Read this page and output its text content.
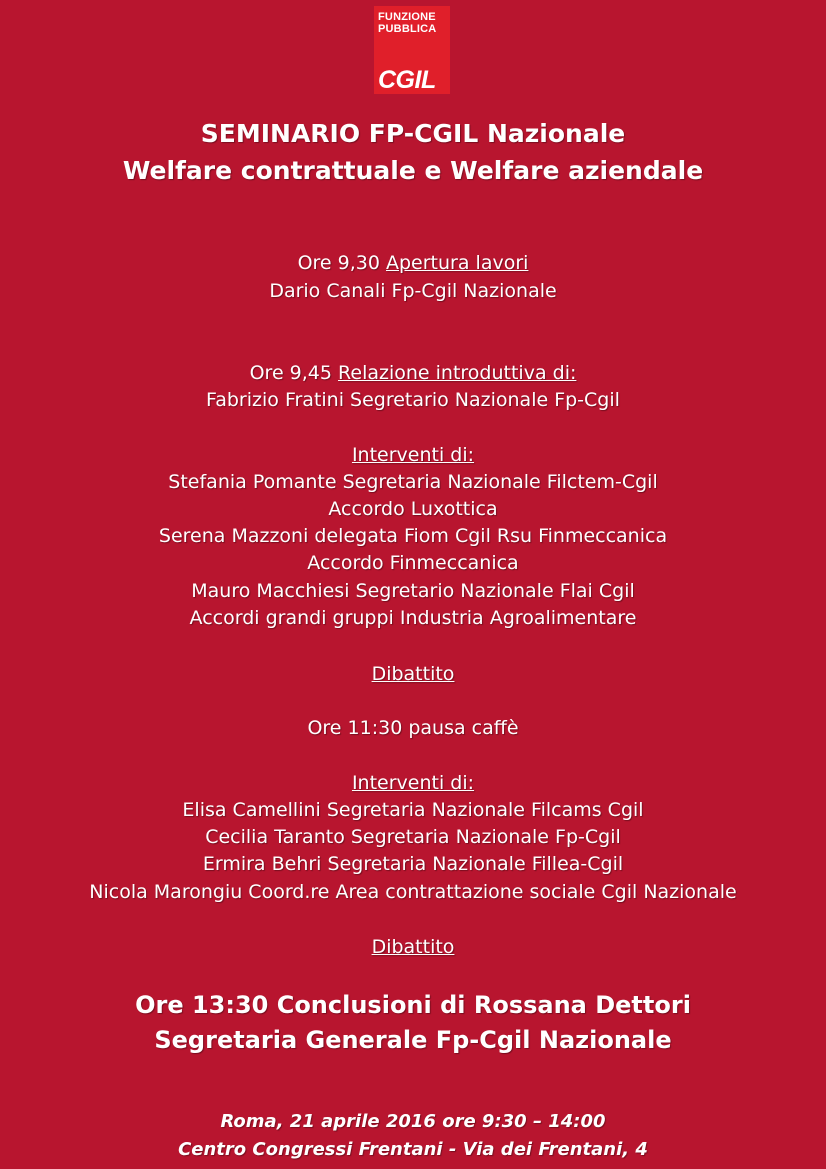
FUNZIONE
PUBBLICA
CGIL
SEMINARIO FP-CGIL Nazionale
Welfare contrattuale e Welfare aziendale
Ore 9,30 Apertura lavori
Dario Canali Fp-Cgil Nazionale
Ore 9,45 Relazione introduttiva di:
Fabrizio Fratini Segretario Nazionale Fp-Cgil
Interventi di:
Stefania Pomante Segretaria Nazionale Filctem-Cgil
Accordo Luxottica
Serena Mazzoni delegata Fiom Cgil Rsu Finmeccanica
Accordo Finmeccanica
Mauro Macchiesi Segretario Nazionale Flai Cgil
Accordi grandi gruppi Industria Agroalimentare
Dibattito
Ore 11:30 pausa caffè
Interventi di:
Elisa Camellini Segretaria Nazionale Filcams Cgil
Cecilia Taranto Segretaria Nazionale Fp-Cgil
Ermira Behri Segretaria Nazionale Fillea-Cgil
Nicola Marongiu Coord.re Area contrattazione sociale Cgil Nazionale
Dibattito
Ore 13:30 Conclusioni di Rossana Dettori
Segretaria Generale Fp-Cgil Nazionale
Roma, 21 aprile 2016 ore 9:30 – 14:00
Centro Congressi Frentani - Via dei Frentani, 4
